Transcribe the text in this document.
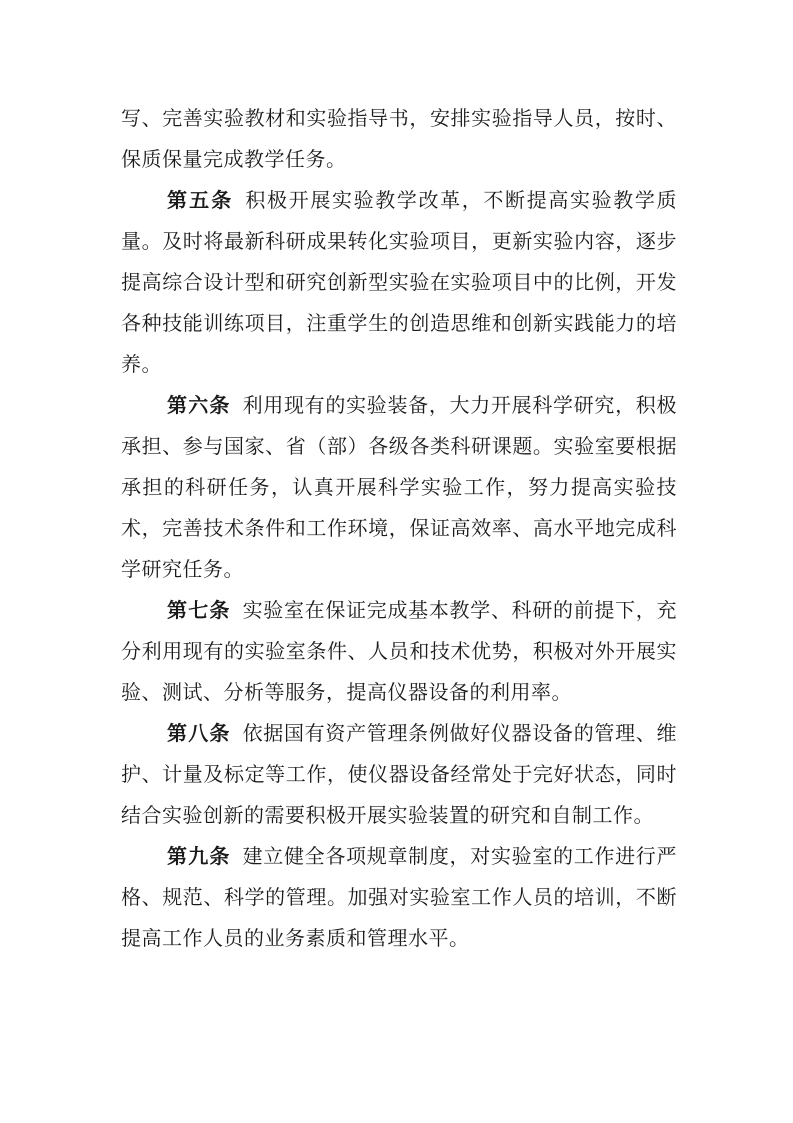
写、完善实验教材和实验指导书，安排实验指导人员，按时、保质保量完成教学任务。

第五条 积极开展实验教学改革，不断提高实验教学质量。及时将最新科研成果转化实验项目，更新实验内容，逐步提高综合设计型和研究创新型实验在实验项目中的比例，开发各种技能训练项目，注重学生的创造思维和创新实践能力的培养。

第六条 利用现有的实验装备，大力开展科学研究，积极承担、参与国家、省（部）各级各类科研课题。实验室要根据承担的科研任务，认真开展科学实验工作，努力提高实验技术，完善技术条件和工作环境，保证高效率、高水平地完成科学研究任务。

第七条 实验室在保证完成基本教学、科研的前提下，充分利用现有的实验室条件、人员和技术优势，积极对外开展实验、测试、分析等服务，提高仪器设备的利用率。

第八条 依据国有资产管理条例做好仪器设备的管理、维护、计量及标定等工作，使仪器设备经常处于完好状态，同时结合实验创新的需要积极开展实验装置的研究和自制工作。

第九条 建立健全各项规章制度，对实验室的工作进行严格、规范、科学的管理。加强对实验室工作人员的培训，不断提高工作人员的业务素质和管理水平。
